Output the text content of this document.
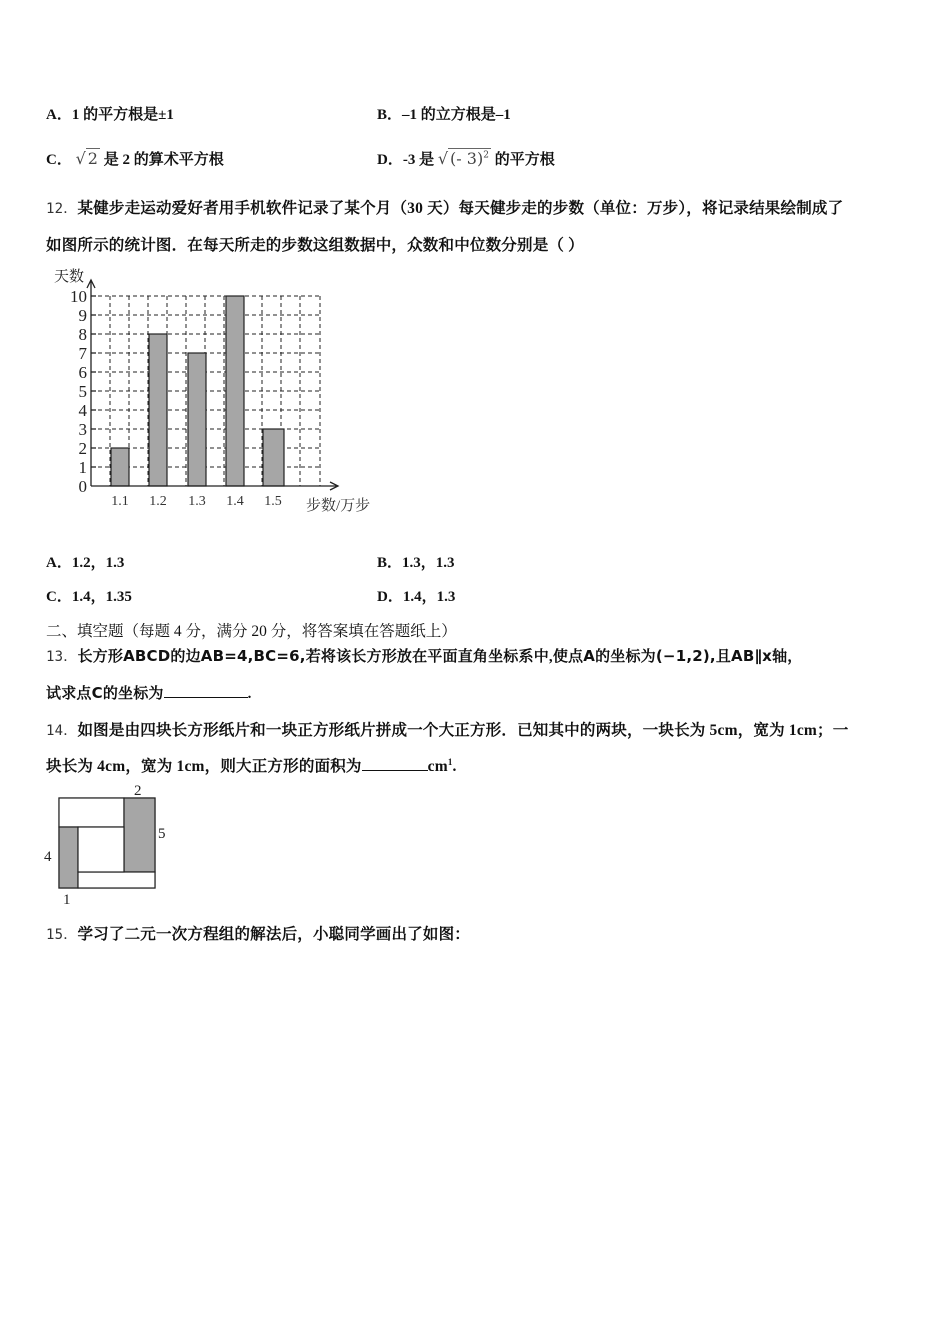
A．1 的平方根是±1	B．–1 的立方根是–1
C． √ 2 是 2 的算术平方根	D．-3 是 √ (- 3)$^2$ 的平方根
12．某健步走运动爱好者用手机软件记录了某个月（30 天）每天健步走的步数（单位：万步），将记录结果绘制成了
如图所示的统计图．在每天所走的步数这组数据中，众数和中位数分别是（ ）
0
1
2
3
4
5
6
7
8
9
10
天数
1.1 1.2 1.3 1.4 1.5 步数/万步
A．1.2，1.3	B．1.3，1.3
C．1.4，1.35	D．1.4，1.3
二、填空题（每题 4 分，满分 20 分，将答案填在答题纸上）
13．长方形ABCD的边AB=4,BC=6,若将该长方形放在平面直角坐标系中,使点A的坐标为(−1,2),且AB∥x轴，
试求点C的坐标为	.
14．如图是由四块长方形纸片和一块正方形纸片拼成一个大正方形．已知其中的两块，一块长为 5cm，宽为 1cm；一
块长为 4cm，宽为 1cm，则大正方形的面积为	$cm^1$.
2
5
4
1
15．学习了二元一次方程组的解法后，小聪同学画出了如图：
